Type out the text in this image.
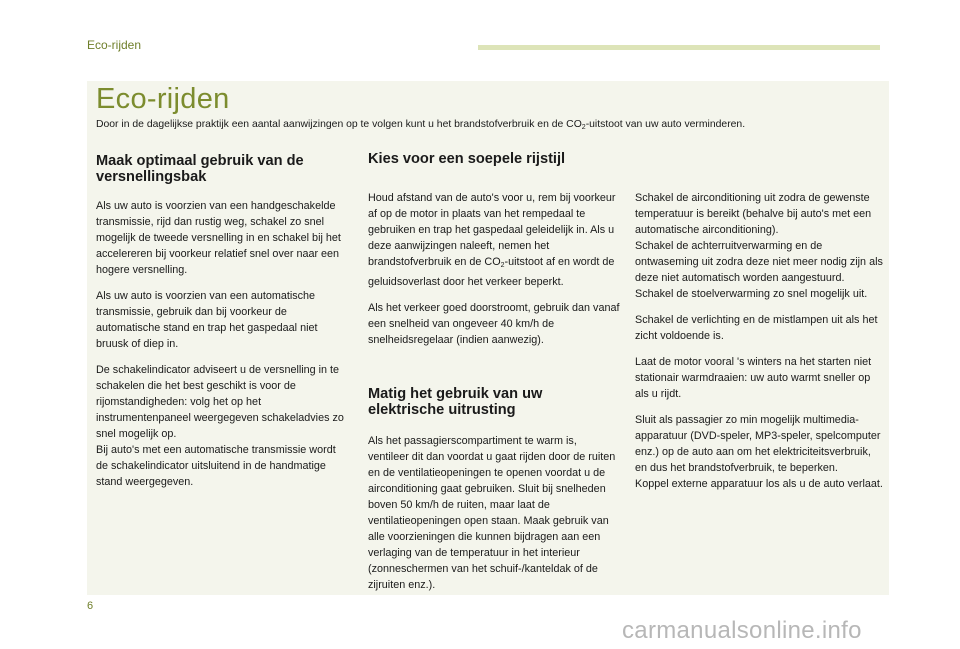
Eco-rijden
Eco-rijden
Door in de dagelijkse praktijk een aantal aanwijzingen op te volgen kunt u het brandstofverbruik en de $CO_2$-uitstoot van uw auto verminderen.
Maak optimaal gebruik van de versnellingsbak

Als uw auto is voorzien van een handgeschakelde transmissie, rijd dan rustig weg, schakel zo snel mogelijk de tweede versnelling in en schakel bij het accelereren bij voorkeur relatief snel over naar een hogere versnelling.

Als uw auto is voorzien van een automatische transmissie, gebruik dan bij voorkeur de automatische stand en trap het gaspedaal niet bruusk of diep in.

De schakelindicator adviseert u de versnelling in te schakelen die het best geschikt is voor de rijomstandigheden: volg het op het instrumentenpaneel weergegeven schakeladvies zo snel mogelijk op.
Bij auto's met een automatische transmissie wordt de schakelindicator uitsluitend in de handmatige stand weergegeven.

Kies voor een soepele rijstijl

Houd afstand van de auto's voor u, rem bij voorkeur af op de motor in plaats van het rempedaal te gebruiken en trap het gaspedaal geleidelijk in. Als u deze aanwijzingen naleeft, nemen het brandstofverbruik en de $CO_2$-uitstoot af en wordt de geluidsoverlast door het verkeer beperkt.

Als het verkeer goed doorstroomt, gebruik dan vanaf een snelheid van ongeveer 40 km/h de snelheidsregelaar (indien aanwezig).

Matig het gebruik van uw elektrische uitrusting

Als het passagierscompartiment te warm is, ventileer dit dan voordat u gaat rijden door de ruiten en de ventilatieopeningen te openen voordat u de airconditioning gaat gebruiken. Sluit bij snelheden boven 50 km/h de ruiten, maar laat de ventilatieopeningen open staan. Maak gebruik van alle voorzieningen die kunnen bijdragen aan een verlaging van de temperatuur in het interieur (zonneschermen van het schuif-/kanteldak of de zijruiten enz.).

Schakel de airconditioning uit zodra de gewenste temperatuur is bereikt (behalve bij auto's met een automatische airconditioning).
Schakel de achterruitverwarming en de ontwaseming uit zodra deze niet meer nodig zijn als deze niet automatisch worden aangestuurd.
Schakel de stoelverwarming zo snel mogelijk uit.

Schakel de verlichting en de mistlampen uit als het zicht voldoende is.

Laat de motor vooral 's winters na het starten niet stationair warmdraaien: uw auto warmt sneller op als u rijdt.

Sluit als passagier zo min mogelijk multimedia-apparatuur (DVD-speler, MP3-speler, spelcomputer enz.) op de auto aan om het elektriciteitsverbruik, en dus het brandstofverbruik, te beperken.
Koppel externe apparatuur los als u de auto verlaat.

6
carmanualsonline.info
